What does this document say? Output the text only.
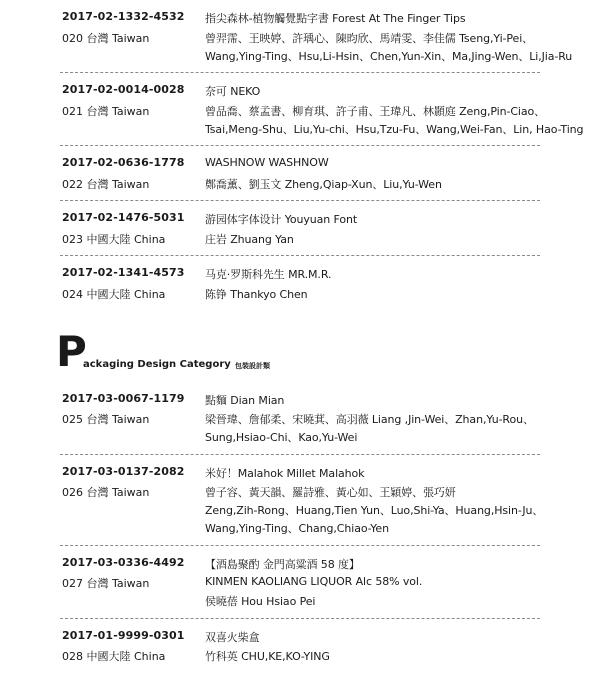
2017-02-1332-4532
020 台灣 Taiwan
指尖森林-植物觸覺點字書 Forest At The Finger Tips
曾羿霈、王映婷、許瑀心、陳昀欣、馬靖雯、李佳儒 Tseng,Yi-Pei、
Wang,Ying-Ting、Hsu,Li-Hsin、Chen,Yun-Xin、Ma,Jing-Wen、Li,Jia-Ru
2017-02-0014-0028
021 台灣 Taiwan
奈可 NEKO
曾品喬、蔡孟書、柳育琪、許子甫、王瑋凡、林顥庭 Zeng,Pin-Ciao、
Tsai,Meng-Shu、Liu,Yu-chi、Hsu,Tzu-Fu、Wang,Wei-Fan、Lin, Hao-Ting
2017-02-0636-1778
022 台灣 Taiwan
WASHNOW WASHNOW
鄭喬薰、劉玉文 Zheng,Qiap-Xun、Liu,Yu-Wen
2017-02-1476-5031
023 中國大陸 China
游园体字体设计 Youyuan Font
庄岩 Zhuang Yan
2017-02-1341-4573
024 中國大陸 China
马克·罗斯科先生 MR.M.R.
陈铮 Thankyo Chen
P
ackaging Design Category 包裝設計類
2017-03-0067-1179
025 台灣 Taiwan
點麵 Dian Mian
梁晉瑋、詹郁柔、宋曉萁、高羽薇 Liang ,Jin-Wei、Zhan,Yu-Rou、
Sung,Hsiao-Chi、Kao,Yu-Wei
2017-03-0137-2082
026 台灣 Taiwan
米好！Malahok Millet Malahok
曾子容、黃天韻、羅詩雅、黃心如、王穎婷、張巧妍
Zeng,Zih-Rong、Huang,Tien Yun、Luo,Shi-Ya、Huang,Hsin-Ju、
Wang,Ying-Ting、Chang,Chiao-Yen
2017-03-0336-4492
027 台灣 Taiwan
【酒島聚酌 金門高粱酒 58 度】
KINMEN KAOLIANG LIQUOR Alc 58% vol.
侯曉蓓 Hou Hsiao Pei
2017-01-9999-0301
028 中國大陸 China
双喜火柴盒
竹科英 CHU,KE,KO-YING
